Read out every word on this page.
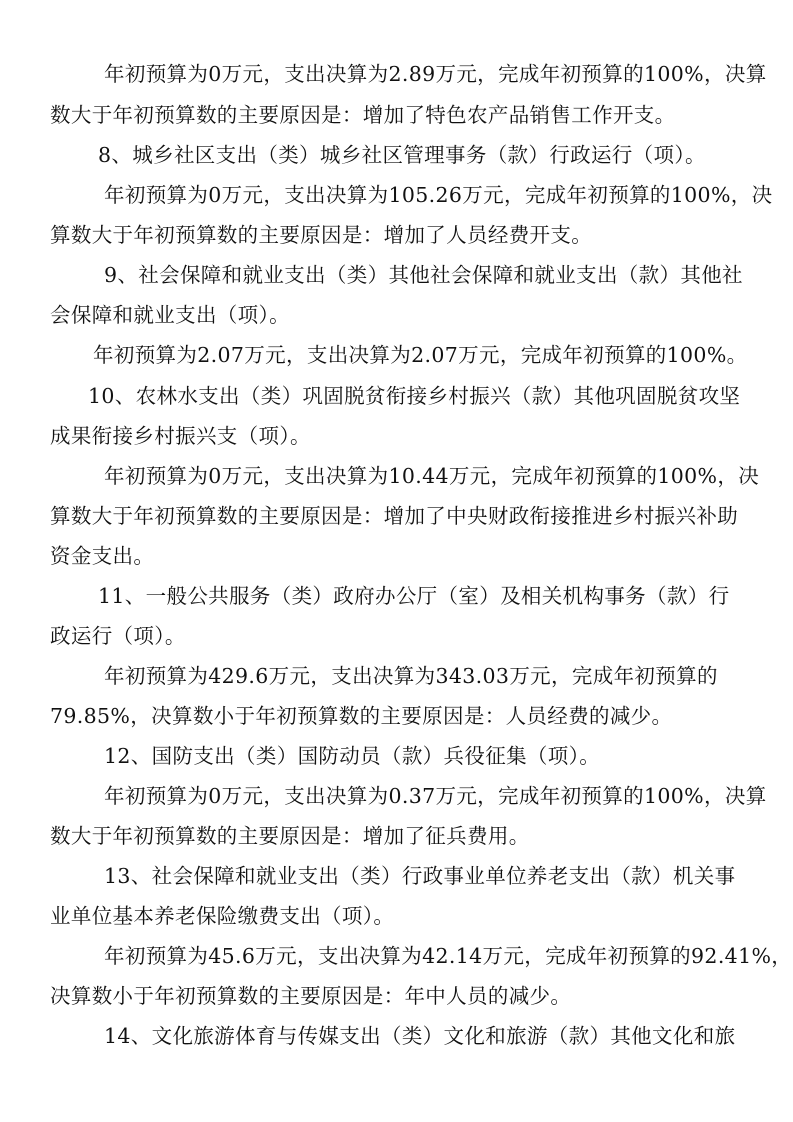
年初预算为0万元，支出决算为2.89万元，完成年初预算的100%，决算
数大于年初预算数的主要原因是：增加了特色农产品销售工作开支。
8、城乡社区支出（类）城乡社区管理事务（款）行政运行（项）。
年初预算为0万元，支出决算为105.26万元，完成年初预算的100%，决
算数大于年初预算数的主要原因是：增加了人员经费开支。
9、社会保障和就业支出（类）其他社会保障和就业支出（款）其他社
会保障和就业支出（项）。
年初预算为2.07万元，支出决算为2.07万元，完成年初预算的100%。
10、农林水支出（类）巩固脱贫衔接乡村振兴（款）其他巩固脱贫攻坚
成果衔接乡村振兴支（项）。
年初预算为0万元，支出决算为10.44万元，完成年初预算的100%，决
算数大于年初预算数的主要原因是：增加了中央财政衔接推进乡村振兴补助
资金支出。
11、一般公共服务（类）政府办公厅（室）及相关机构事务（款）行
政运行（项）。
年初预算为429.6万元，支出决算为343.03万元，完成年初预算的
79.85%，决算数小于年初预算数的主要原因是：人员经费的减少。
12、国防支出（类）国防动员（款）兵役征集（项）。
年初预算为0万元，支出决算为0.37万元，完成年初预算的100%，决算
数大于年初预算数的主要原因是：增加了征兵费用。
13、社会保障和就业支出（类）行政事业单位养老支出（款）机关事
业单位基本养老保险缴费支出（项）。
年初预算为45.6万元，支出决算为42.14万元，完成年初预算的92.41%，
决算数小于年初预算数的主要原因是：年中人员的减少。
14、文化旅游体育与传媒支出（类）文化和旅游（款）其他文化和旅
